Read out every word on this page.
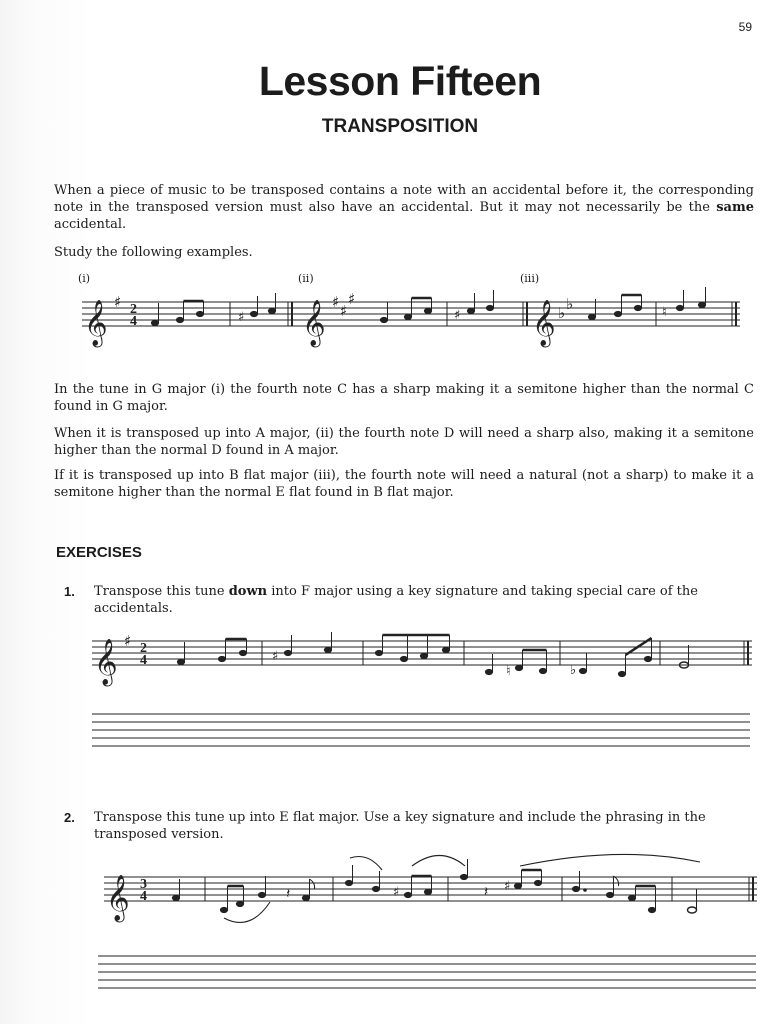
59
Lesson Fifteen
TRANSPOSITION

When a piece of music to be transposed contains a note with an accidental before it, the corresponding note in the transposed version must also have an accidental. But it may not necessarily be the same accidental.

Study the following examples.

(i)	(ii)	(iii)

In the tune in G major (i) the fourth note C has a sharp making it a semitone higher than the normal C found in G major.

When it is transposed up into A major, (ii) the fourth note D will need a sharp also, making it a semitone higher than the normal D found in A major.

If it is transposed up into B flat major (iii), the fourth note will need a natural (not a sharp) to make it a semitone higher than the normal E flat found in B flat major.

EXERCISES
1. Transpose this tune down into F major using a key signature and taking special care of the accidentals.

2. Transpose this tune up into E flat major. Use a key signature and include the phrasing in the transposed version.

𝄞	𝄞	𝄞
𝄞
𝄞
♯	♯ ♯
♯
♭ ♭
♯
2
4
2
4
3
4
♯	♯	♮
♯
♮	♭
𝄽	♯	𝄽 ♯
